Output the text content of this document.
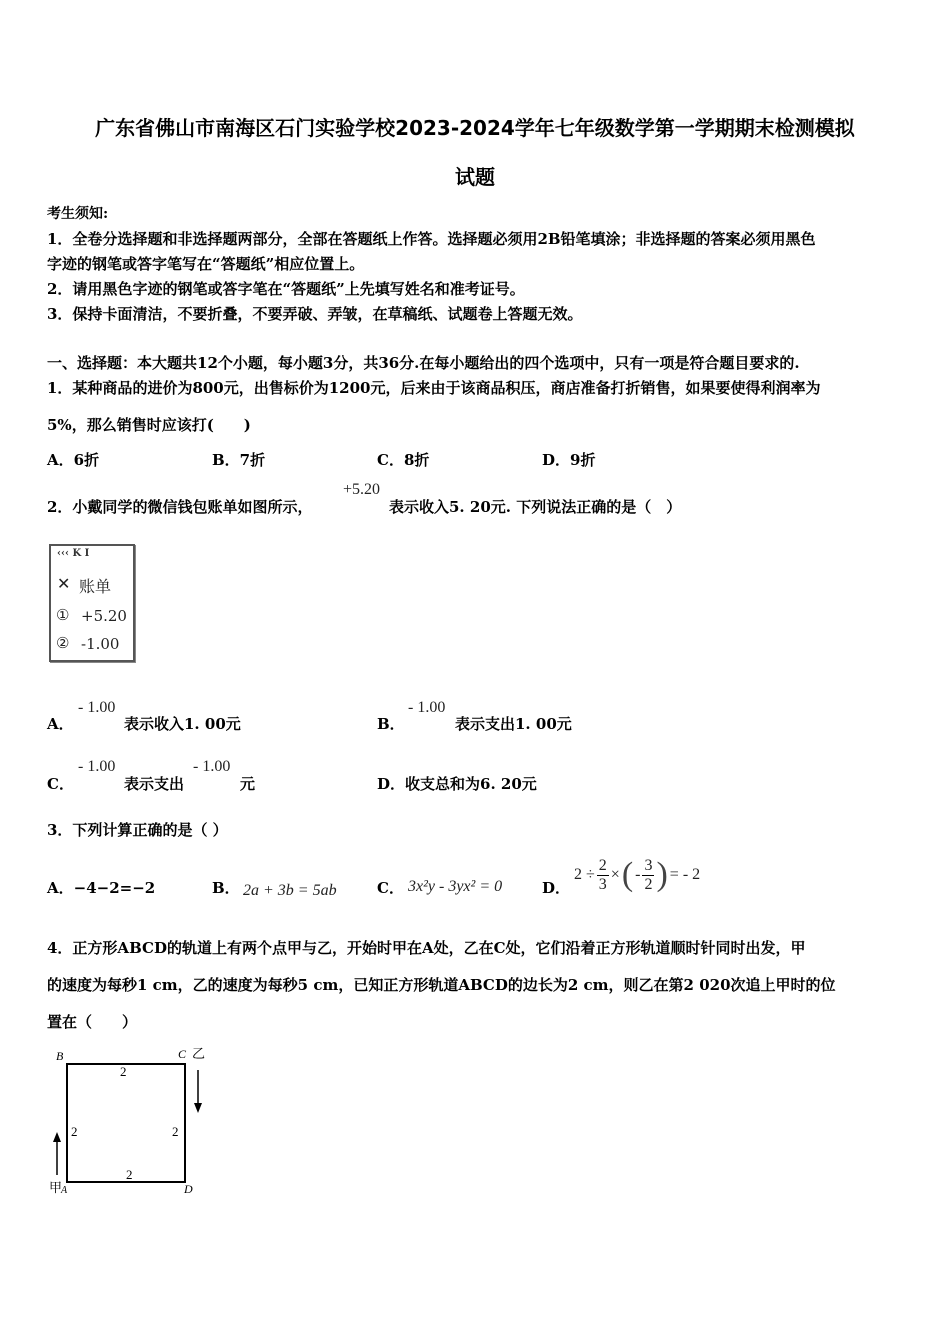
广东省佛山市南海区石门实验学校2023-2024学年七年级数学第一学期期末检测模拟
试题
考生须知:
1．全卷分选择题和非选择题两部分，全部在答题纸上作答。选择题必须用2B铅笔填涂；非选择题的答案必须用黑色
字迹的钢笔或答字笔写在“答题纸”相应位置上。
2．请用黑色字迹的钢笔或答字笔在“答题纸”上先填写姓名和准考证号。
3．保持卡面清洁，不要折叠，不要弄破、弄皱，在草稿纸、试题卷上答题无效。
一、选择题：本大题共12个小题，每小题3分，共36分.在每小题给出的四个选项中，只有一项是符合题目要求的.
1．某种商品的进价为800元，出售标价为1200元，后来由于该商品积压，商店准备打折销售，如果要使得利润率为
5%，那么销售时应该打(　　)
A．6折	B．7折	C．8折	D．9折
2．小戴同学的微信钱包账单如图所示，
+5.20
表示收入5. 20元. 下列说法正确的是（　）
‹‹‹ K I
✕ 账单
① +5.20
② -1.00
A．
- 1.00
表示收入1. 00元	B．
- 1.00
表示支出1. 00元
C．
- 1.00
表示支出
- 1.00
元	D．收支总和为6. 20元
3．下列计算正确的是（ ）
A．−4−2=−2	B． 2a + 3b = 5ab	C． 3x²y - 3yx² = 0	D．
$2 \div \frac{2}{3}$ × ( - $\frac{3}{2}$ ) = - 2
4．正方形ABCD的轨道上有两个点甲与乙，开始时甲在A处，乙在C处，它们沿着正方形轨道顺时针同时出发，甲
的速度为每秒1 cm，乙的速度为每秒5 cm，已知正方形轨道ABCD的边长为2 cm，则乙在第2 020次追上甲时的位
置在（　　）
B	C 乙
甲
A	D
2
2	2
2
